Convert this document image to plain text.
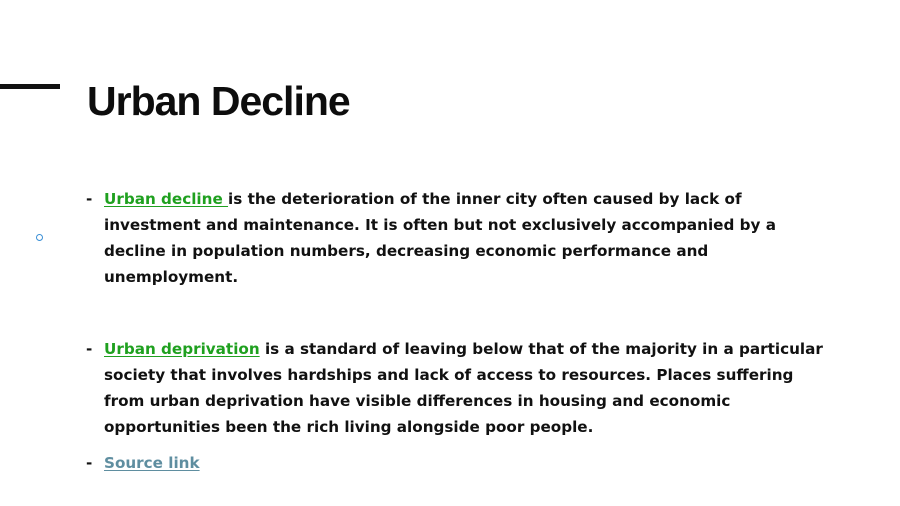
Urban Decline
- Urban decline is the deterioration of the inner city often caused by lack of investment and maintenance. It is often but not exclusively accompanied by a decline in population numbers, decreasing economic performance and unemployment.
- Urban deprivation is a standard of leaving below that of the majority in a particular society that involves hardships and lack of access to resources. Places suffering from urban deprivation have visible differences in housing and economic opportunities been the rich living alongside poor people.
- Source link
